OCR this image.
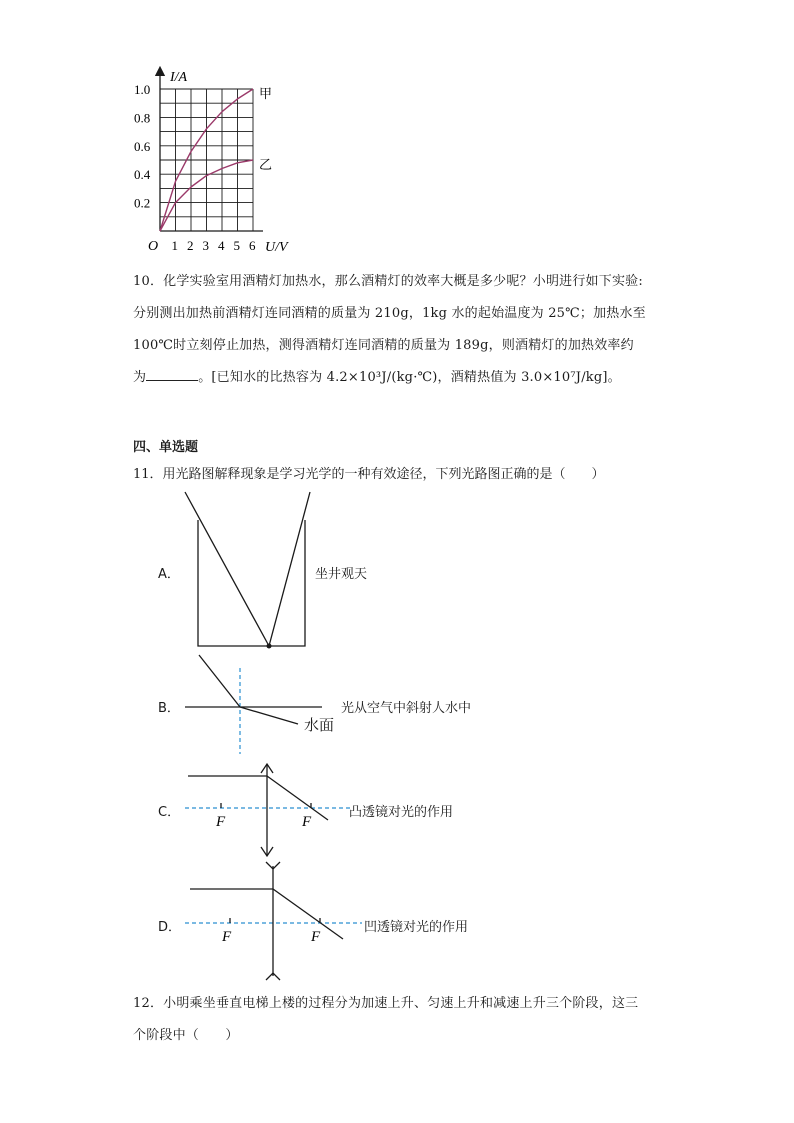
1.0
0.8
0.6
0.4
0.2
1 2 3 4 5 6
I/A
O	U/V
甲
乙
10．化学实验室用酒精灯加热水，那么酒精灯的效率大概是多少呢？小明进行如下实验:
分别测出加热前酒精灯连同酒精的质量为 210g，1kg 水的起始温度为 25℃；加热水至
100℃时立刻停止加热，测得酒精灯连同酒精的质量为 189g，则酒精灯的加热效率约
为	。[已知水的比热容为 4.2×10³J/(kg·℃)，酒精热值为 3.0×10⁷J/kg]。
四、单选题
11．用光路图解释现象是学习光学的一种有效途径，下列光路图正确的是（　　）
A．	坐井观天
B．
水面
光从空气中斜射人水中
C．
F	F
凸透镜对光的作用
D．
F	F
凹透镜对光的作用
12．小明乘坐垂直电梯上楼的过程分为加速上升、匀速上升和减速上升三个阶段，这三
个阶段中（　　）
